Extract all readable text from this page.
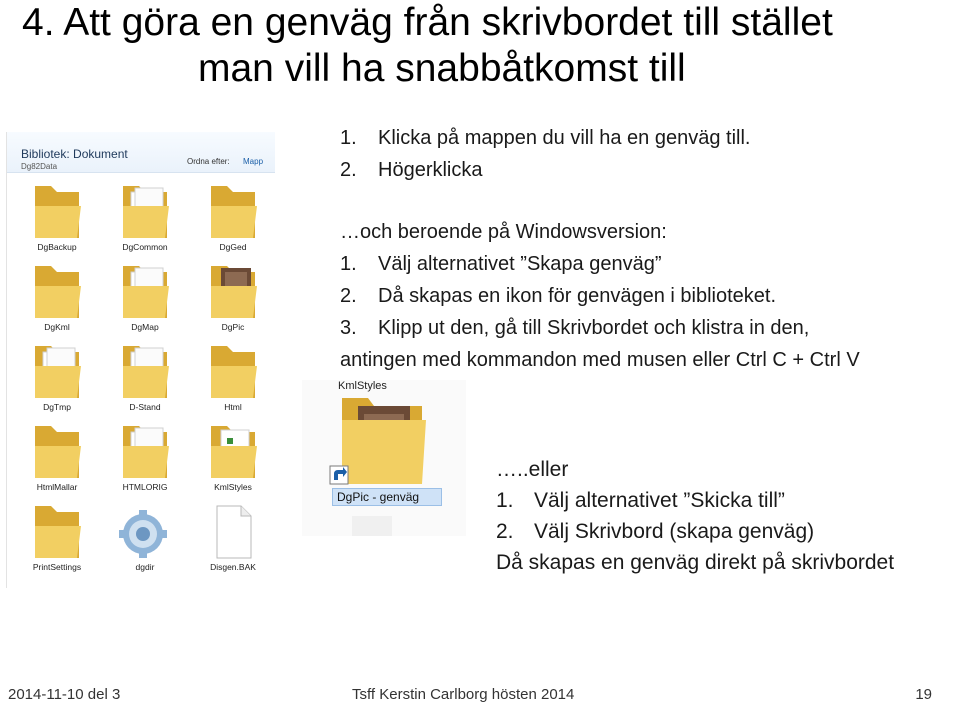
4. Att göra en genväg från skrivbordet till stället
man vill ha snabbåtkomst till
Bibliotek: Dokument
Dg82Data
Ordna efter: Mapp
DgBackup	DgCommon	DgGed
DgKml	DgMap	DgPic
DgTmp	D-Stand	Html
HtmlMallar	HTMLORIG	KmlStyles
PrintSettings	dgdir	Disgen.BAK
1. Klicka på mappen du vill ha en genväg till.
2. Högerklicka
…och beroende på Windowsversion:
1. Välj alternativet ”Skapa genväg”
2. Då skapas en ikon för genvägen i biblioteket.
3. Klipp ut den, gå till Skrivbordet och klistra in den,
antingen med kommandon med musen eller Ctrl C + Ctrl V
KmlStyles
DgPic - genväg
…..eller
1. Välj alternativet ”Skicka till”
2. Välj Skrivbord (skapa genväg)
Då skapas en genväg direkt på skrivbordet
2014-11-10 del 3	Tsff Kerstin Carlborg hösten 2014	19
